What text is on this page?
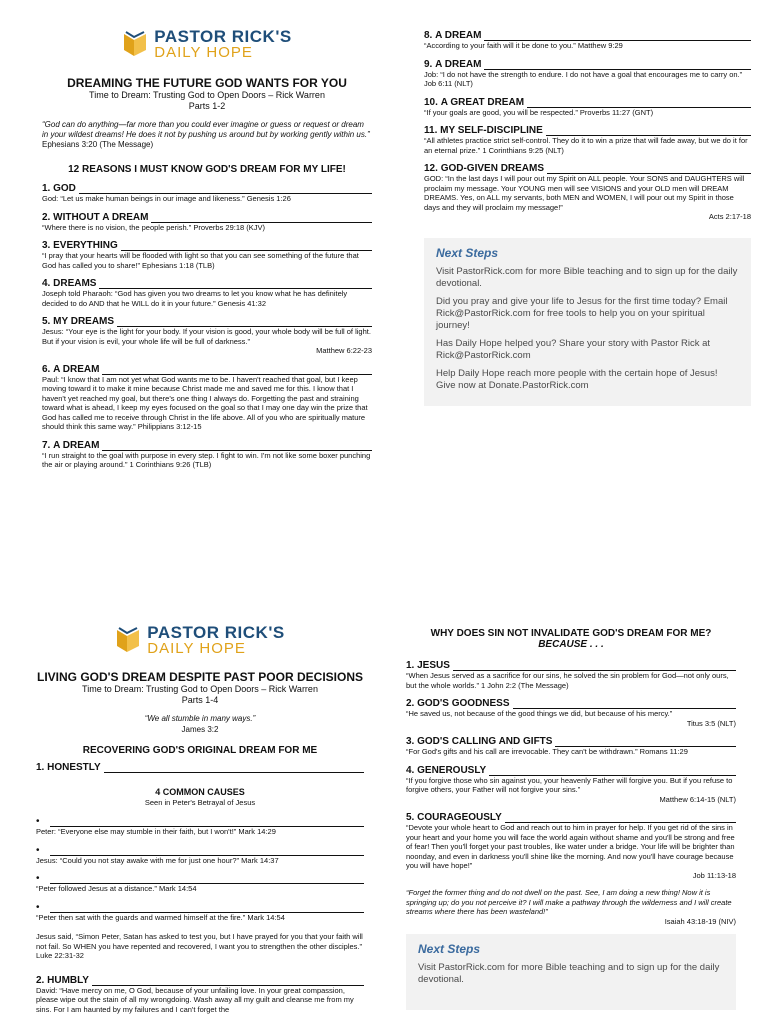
PASTOR RICK'S
DAILY HOPE
DREAMING THE FUTURE GOD WANTS FOR YOU
Time to Dream: Trusting God to Open Doors – Rick Warren
Parts 1-2
“God can do anything—far more than you could ever imagine or guess or request or dream in your wildest dreams! He does it not by pushing us around but by working gently within us.” Ephesians 3:20 (The Message)
12 REASONS I MUST KNOW GOD'S DREAM FOR MY LIFE!
1.
GOD
God: “Let us make human beings in our image and likeness.” Genesis 1:26
2.
WITHOUT A DREAM
“Where there is no vision, the people perish.” Proverbs 29:18 (KJV)
3.
EVERYTHING
“I pray that your hearts will be flooded with light so that you can see something of the future that God has called you to share!” Ephesians 1:18 (TLB)
4.
DREAMS
Joseph told Pharaoh: “God has given you two dreams to let you know what he has definitely decided to do AND that he WILL do it in your future.” Genesis 41:32
5.
MY DREAMS
Jesus: “Your eye is the light for your body. If your vision is good, your whole body will be full of light. But if your vision is evil, your whole life will be full of darkness.”
Matthew 6:22-23
6.
A DREAM
Paul: “I know that I am not yet what God wants me to be. I haven't reached that goal, but I keep moving toward it to make it mine because Christ made me and saved me for this. I know that I haven't yet reached my goal, but there's one thing I always do. Forgetting the past and straining toward what is ahead, I keep my eyes focused on the goal so that I may one day win the prize that God has called me to receive through Christ in the life above. All of you who are spiritually mature should think this same way.” Philippians 3:12-15
7.
A DREAM
“I run straight to the goal with purpose in every step. I fight to win. I'm not like some boxer punching the air or playing around.” 1 Corinthians 9:26 (TLB)
8.
A DREAM
“According to your faith will it be done to you.” Matthew 9:29
9.
A DREAM
Job: “I do not have the strength to endure. I do not have a goal that encourages me to carry on.” Job 6:11 (NLT)
10.
A GREAT DREAM
“If your goals are good, you will be respected.” Proverbs 11:27 (GNT)
11.
MY SELF-DISCIPLINE
“All athletes practice strict self-control. They do it to win a prize that will fade away, but we do it for an eternal prize.” 1 Corinthians 9:25 (NLT)
12.
GOD-GIVEN DREAMS
GOD: “In the last days I will pour out my Spirit on ALL people. Your SONS and DAUGHTERS will proclaim my message. Your YOUNG men will see VISIONS and your OLD men will DREAM DREAMS. Yes, on ALL my servants, both MEN and WOMEN, I will pour out my Spirit in those days and they will proclaim my message!”
Acts 2:17-18
Next Steps
Visit PastorRick.com for more Bible teaching and to sign up for the daily devotional.
Did you pray and give your life to Jesus for the first time today? Email Rick@PastorRick.com for free tools to help you on your spiritual journey!
Has Daily Hope helped you? Share your story with Pastor Rick at Rick@PastorRick.com
Help Daily Hope reach more people with the certain hope of Jesus! Give now at Donate.PastorRick.com
PASTOR RICK'S
DAILY HOPE
LIVING GOD'S DREAM DESPITE PAST POOR DECISIONS
Time to Dream: Trusting God to Open Doors – Rick Warren
Parts 1-4
“We all stumble in many ways.”
James 3:2
RECOVERING GOD'S ORIGINAL DREAM FOR ME
1.
HONESTLY
4 COMMON CAUSES
Seen in Peter's Betrayal of Jesus
•
Peter: “Everyone else may stumble in their faith, but I won't!” Mark 14:29
•
Jesus: “Could you not stay awake with me for just one hour?” Mark 14:37
•
“Peter followed Jesus at a distance.” Mark 14:54
•
“Peter then sat with the guards and warmed himself at the fire.” Mark 14:54
Jesus said, “Simon Peter, Satan has asked to test you, but I have prayed for you that your faith will not fail. So WHEN you have repented and recovered, I want you to strengthen the other disciples.” Luke 22:31-32
2.
HUMBLY
David: “Have mercy on me, O God, because of your unfailing love. In your great compassion, please wipe out the stain of all my wrongdoing. Wash away all my guilt and cleanse me from my sins. For I am haunted by my failures and I can't forget the
WHY DOES SIN NOT INVALIDATE GOD'S DREAM FOR ME?
BECAUSE . . .
1.
JESUS
“When Jesus served as a sacrifice for our sins, he solved the sin problem for God—not only ours, but the whole worlds.” 1 John 2:2 (The Message)
2.
GOD'S GOODNESS
“He saved us, not because of the good things we did, but because of his mercy.”
Titus 3:5 (NLT)
3.
GOD'S CALLING AND GIFTS
“For God's gifts and his call are irrevocable. They can't be withdrawn.” Romans 11:29
4.
GENEROUSLY
“If you forgive those who sin against you, your heavenly Father will forgive you. But if you refuse to forgive others, your Father will not forgive your sins.”
Matthew 6:14-15 (NLT)
5.
COURAGEOUSLY
“Devote your whole heart to God and reach out to him in prayer for help. If you get rid of the sins in your heart and your home you will face the world again without shame and you'll be strong and free of fear! Then you'll forget your past troubles, like water under a bridge. Your life will be brighter than noonday, and even in darkness you'll shine like the morning. And now you'll have courage because you will have hope!”
Job 11:13-18
“Forget the former thing and do not dwell on the past. See, I am doing a new thing! Now it is springing up; do you not perceive it? I will make a pathway through the wilderness and I will create streams where there has been wasteland!”
Isaiah 43:18-19 (NIV)
Next Steps
Visit PastorRick.com for more Bible teaching and to sign up for the daily devotional.
